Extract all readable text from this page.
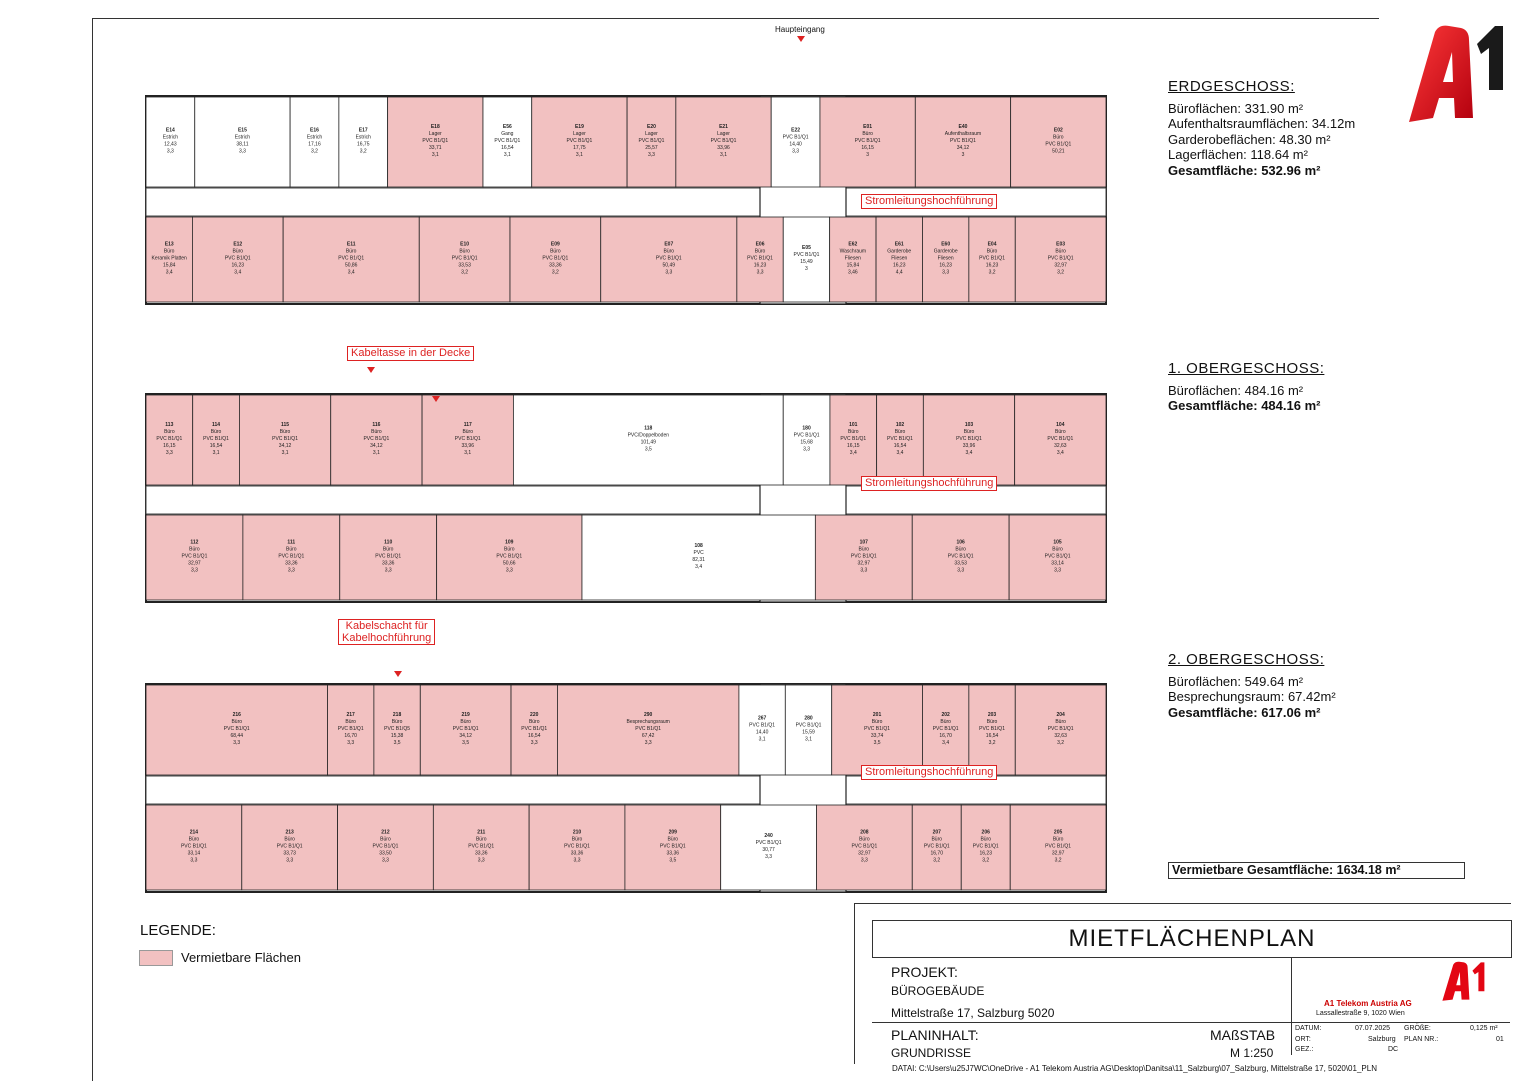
Haupteingang
E14
Estrich
12,43
3,3
E15
Estrich
38,11
3,3
E16
Estrich
17,16
3,2
E17
Estrich
16,75
3,2
E18
Lager
PVC B1/Q1
33,71
3,1
E56
Gang
PVC B1/Q1
16,54
3,1
E19
Lager
PVC B1/Q1
17,75
3,1
E20
Lager
PVC B1/Q1
25,57
3,3
E21
Lager
PVC B1/Q1
33,96
3,1
E22
PVC B1/Q1
14,40
3,3
E01
Büro
PVC B1/Q1
16,15
3
E40
Aufenthaltsraum
PVC B1/Q1
34,12
3
E02
Büro
PVC B1/Q1
50,21
E13
Büro
Keramik Platten
15,84
3,4
E12
Büro
PVC B1/Q1
16,23
3,4
E11
Büro
PVC B1/Q1
50,86
3,4
E10
Büro
PVC B1/Q1
33,53
3,2
E09
Büro
PVC B1/Q1
33,36
3,2
E07
Büro
PVC B1/Q1
50,49
3,3
E06
Büro
PVC B1/Q1
16,23
3,3
E05
PVC B1/Q1
15,49
3
E62
Waschraum
Fliesen
15,84
3,46
E61
Garderobe
Fliesen
16,23
4,4
E60
Garderobe
Fliesen
16,23
3,3
E04
Büro
PVC B1/Q1
16,23
3,2
E03
Büro
PVC B1/Q1
32,97
3,2
113
Büro
PVC B1/Q1
16,15
3,3
114
Büro
PVC B1/Q1
16,54
3,1
115
Büro
PVC B1/Q1
34,12
3,1
116
Büro
PVC B1/Q1
34,12
3,1
117
Büro
PVC B1/Q1
33,96
3,1
118
PVC/Doppelboden
101,49
3,5
180
PVC B1/Q1
15,68
3,3
101
Büro
PVC B1/Q1
16,15
3,4
102
Büro
PVC B1/Q1
16,54
3,4
103
Büro
PVC B1/Q1
33,96
3,4
104
Büro
PVC B1/Q1
32,63
3,4
112
Büro
PVC B1/Q1
32,97
3,3
111
Büro
PVC B1/Q1
33,36
3,3
110
Büro
PVC B1/Q1
33,36
3,3
109
Büro
PVC B1/Q1
50,66
3,3
108
PVC
82,31
3,4
107
Büro
PVC B1/Q1
32,97
3,3
106
Büro
PVC B1/Q1
33,53
3,3
105
Büro
PVC B1/Q1
33,14
3,3
216
Büro
PVC B1/Q1
68,44
3,3
217
Büro
PVC B1/Q1
16,70
3,3
218
Büro
PVC B1/Q5
15,38
3,5
219
Büro
PVC B1/Q1
34,12
3,5
220
Büro
PVC B1/Q1
16,54
3,3
290
Besprechungsraum
PVC B1/Q1
67,42
3,3
267
PVC B1/Q1
14,40
3,1
280
PVC B1/Q1
15,59
3,1
201
Büro
PVC B1/Q1
33,74
3,5
202
Büro
PVC B1/Q1
16,70
3,4
203
Büro
PVC B1/Q1
16,54
3,2
204
Büro
PVC B1/Q1
32,63
3,2
214
Büro
PVC B1/Q1
33,14
3,3
213
Büro
PVC B1/Q1
33,73
3,3
212
Büro
PVC B1/Q1
33,50
3,3
211
Büro
PVC B1/Q1
33,36
3,3
210
Büro
PVC B1/Q1
33,36
3,3
209
Büro
PVC B1/Q1
33,36
3,5
240
PVC B1/Q1
30,77
3,3
208
Büro
PVC B1/Q1
32,97
3,3
207
Büro
PVC B1/Q1
16,70
3,2
206
Büro
PVC B1/Q1
16,23
3,2
205
Büro
PVC B1/Q1
32,97
3,2
Stromleitungshochführung
Kabeltasse in der Decke
Stromleitungshochführung
Kabelschacht für
Kabelhochführung
Stromleitungshochführung
ERDGESCHOSS:
Büroflächen: 331.90 m²
Aufenthaltsraumflächen: 34.12m
Garderobeflächen: 48.30 m²
Lagerflächen: 118.64 m²
Gesamtfläche: 532.96 m²
1. OBERGESCHOSS:
Büroflächen: 484.16 m²
Gesamtfläche: 484.16 m²
2. OBERGESCHOSS:
Büroflächen: 549.64 m²
Besprechungsraum: 67.42m²
Gesamtfläche: 617.06 m²
Vermietbare Gesamtfläche: 1634.18 m²
LEGENDE:
Vermietbare Flächen
MIETFLÄCHENPLAN
PROJEKT:
BÜROGEBÄUDE
Mittelstraße 17, Salzburg 5020
PLANINHALT:
GRUNDRISSE
MAßSTAB
M 1:250
A1 Telekom Austria AG
Lassallestraße 9, 1020 Wien
DATUM:	07.07.2025 GRÖßE:	0,125 m²
ORT:	Salzburg PLAN NR.:	01
GEZ.:	DC
DATAI: C:\Users\u25J7WC\OneDrive - A1 Telekom Austria AG\Desktop\Danitsa\11_Salzburg\07_Salzburg, Mittelstraße 17, 5020\01_PLN
